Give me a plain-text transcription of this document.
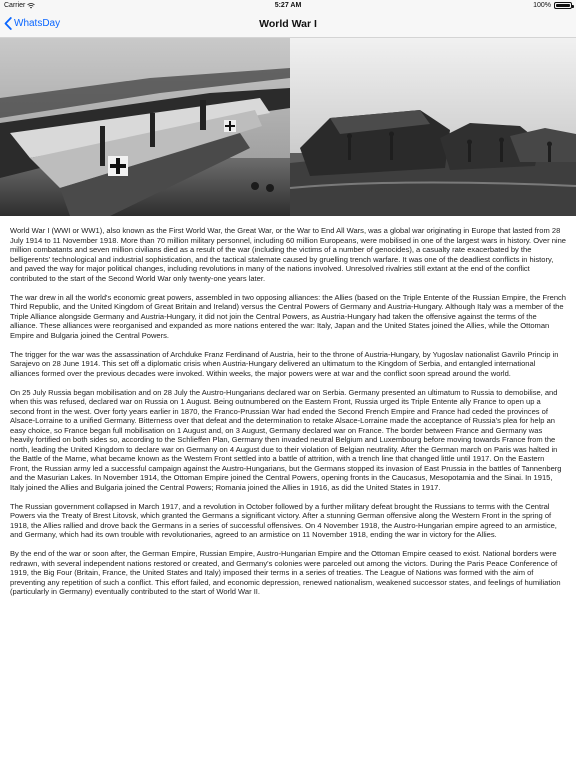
Carrier	5:27 AM	100%
WhatsDay	World War I

World War I (WWI or WW1), also known as the First World War, the Great War, or the War to End All Wars, was a global war originating in Europe that lasted from 28 July 1914 to 11 November 1918. More than 70 million military personnel, including 60 million Europeans, were mobilised in one of the largest wars in history. Over nine million combatants and seven million civilians died as a result of the war (including the victims of a number of genocides), a casualty rate exacerbated by the belligerents' technological and industrial sophistication, and the tactical stalemate caused by gruelling trench warfare. It was one of the deadliest conflicts in history, and paved the way for major political changes, including revolutions in many of the nations involved. Unresolved rivalries still extant at the end of the conflict contributed to the start of the Second World War only twenty-one years later.

The war drew in all the world's economic great powers, assembled in two opposing alliances: the Allies (based on the Triple Entente of the Russian Empire, the French Third Republic, and the United Kingdom of Great Britain and Ireland) versus the Central Powers of Germany and Austria-Hungary. Although Italy was a member of the Triple Alliance alongside Germany and Austria-Hungary, it did not join the Central Powers, as Austria-Hungary had taken the offensive against the terms of the alliance. These alliances were reorganised and expanded as more nations entered the war: Italy, Japan and the United States joined the Allies, while the Ottoman Empire and Bulgaria joined the Central Powers.

The trigger for the war was the assassination of Archduke Franz Ferdinand of Austria, heir to the throne of Austria-Hungary, by Yugoslav nationalist Gavrilo Princip in Sarajevo on 28 June 1914. This set off a diplomatic crisis when Austria-Hungary delivered an ultimatum to the Kingdom of Serbia, and entangled international alliances formed over the previous decades were invoked. Within weeks, the major powers were at war and the conflict soon spread around the world.

On 25 July Russia began mobilisation and on 28 July the Austro-Hungarians declared war on Serbia. Germany presented an ultimatum to Russia to demobilise, and when this was refused, declared war on Russia on 1 August. Being outnumbered on the Eastern Front, Russia urged its Triple Entente ally France to open up a second front in the west. Over forty years earlier in 1870, the Franco-Prussian War had ended the Second French Empire and France had ceded the provinces of Alsace-Lorraine to a unified Germany. Bitterness over that defeat and the determination to retake Alsace-Lorraine made the acceptance of Russia's plea for help an easy choice, so France began full mobilisation on 1 August and, on 3 August, Germany declared war on France. The border between France and Germany was heavily fortified on both sides so, according to the Schlieffen Plan, Germany then invaded neutral Belgium and Luxembourg before moving towards France from the north, leading the United Kingdom to declare war on Germany on 4 August due to their violation of Belgian neutrality. After the German march on Paris was halted in the Battle of the Marne, what became known as the Western Front settled into a battle of attrition, with a trench line that changed little until 1917. On the Eastern Front, the Russian army led a successful campaign against the Austro-Hungarians, but the Germans stopped its invasion of East Prussia in the battles of Tannenberg and the Masurian Lakes. In November 1914, the Ottoman Empire joined the Central Powers, opening fronts in the Caucasus, Mesopotamia and the Sinai. In 1915, Italy joined the Allies and Bulgaria joined the Central Powers; Romania joined the Allies in 1916, as did the United States in 1917.

The Russian government collapsed in March 1917, and a revolution in October followed by a further military defeat brought the Russians to terms with the Central Powers via the Treaty of Brest Litovsk, which granted the Germans a significant victory. After a stunning German offensive along the Western Front in the spring of 1918, the Allies rallied and drove back the Germans in a series of successful offensives. On 4 November 1918, the Austro-Hungarian empire agreed to an armistice, and Germany, which had its own trouble with revolutionaries, agreed to an armistice on 11 November 1918, ending the war in victory for the Allies.

By the end of the war or soon after, the German Empire, Russian Empire, Austro-Hungarian Empire and the Ottoman Empire ceased to exist. National borders were redrawn, with several independent nations restored or created, and Germany's colonies were parceled out among the victors. During the Paris Peace Conference of 1919, the Big Four (Britain, France, the United States and Italy) imposed their terms in a series of treaties. The League of Nations was formed with the aim of preventing any repetition of such a conflict. This effort failed, and economic depression, renewed nationalism, weakened successor states, and feelings of humiliation (particularly in Germany) eventually contributed to the start of World War II.
